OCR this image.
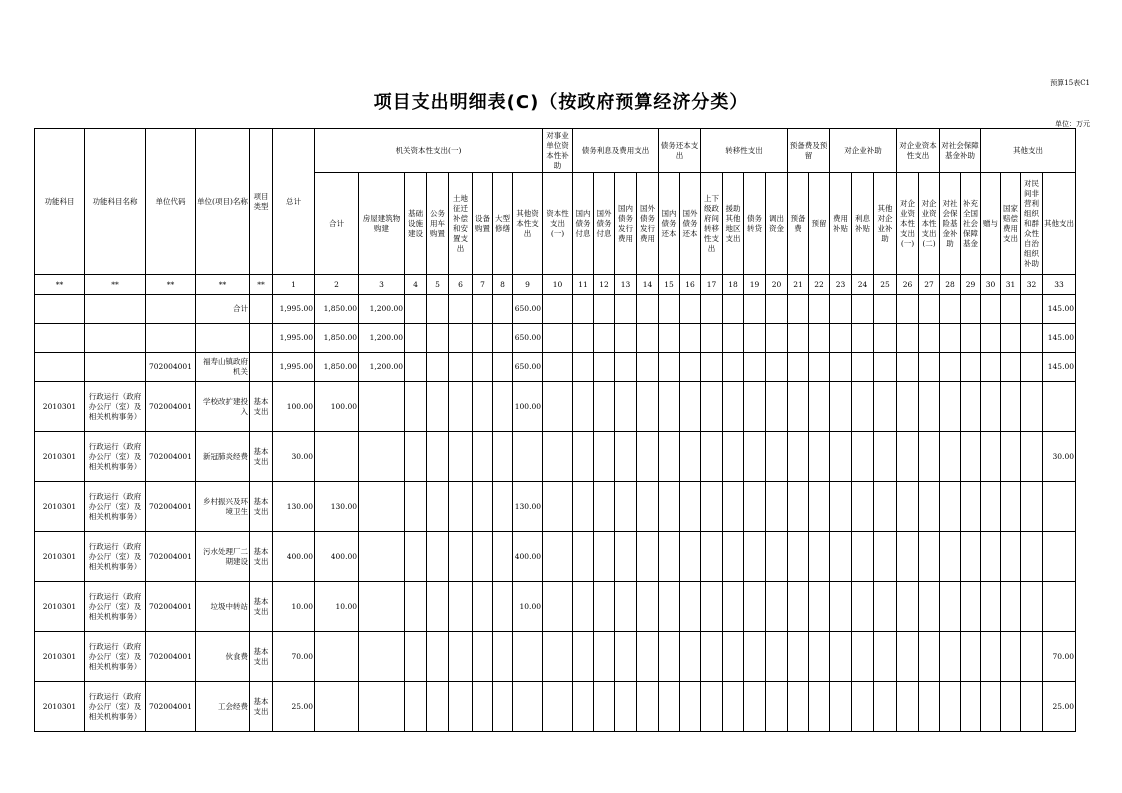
预算15表C1
项目支出明细表(C)（按政府预算经济分类）
单位：万元
功能科目	功能科目名称	单位代码	单位(项目)名称	项目类型	总计	机关资本性支出(一)								对事业单位资本性补助	债务利息及费用支出				债务还本支出		转移性支出				预备费及预留		对企业补助			对企业资本性支出		对社会保障基金补助		其他支出			
						合计	房屋建筑物购建	基础设施建设	公务用车购置	土地征迁补偿和安置支出	设备购置	大型修缮	其他资本性支出	资本性支出(一)	国内债务付息	国外债务付息	国内债务发行费用	国外债务发行费用	国内债务还本	国外债务还本	上下级政府间转移性支出	援助其他地区支出	债务转贷	调出资金	预备费	预留	费用补贴	利息补贴	其他对企业补助	对企业资本性支出(一)	对企业资本性支出(二)	对社会保险基金补助	补充全国社会保障基金	赠与	国家赔偿费用支出	对民间非营利组织和群众性自治组织补助	其他支出
**	**	**	**	**	1	2	3	4	5	6	7	8	9	10	11	12	13	14	15	16	17	18	19	20	21	22	23	24	25	26	27	28	29	30	31	32	33
			合计		1,995.00	1,850.00	1,200.00						650.00																								145.00
					1,995.00	1,850.00	1,200.00						650.00																								145.00
		702004001	福寿山镇政府机关		1,995.00	1,850.00	1,200.00						650.00																								145.00
2010301	行政运行（政府办公厅（室）及相关机构事务）	702004001	学校改扩建投入	基本支出	100.00	100.00							100.00																								
2010301	行政运行（政府办公厅（室）及相关机构事务）	702004001	新冠肺炎经费	基本支出	30.00																																30.00
2010301	行政运行（政府办公厅（室）及相关机构事务）	702004001	乡村振兴及环境卫生	基本支出	130.00	130.00							130.00																								
2010301	行政运行（政府办公厅（室）及相关机构事务）	702004001	污水处理厂二期建设	基本支出	400.00	400.00							400.00																								
2010301	行政运行（政府办公厅（室）及相关机构事务）	702004001	垃圾中转站	基本支出	10.00	10.00							10.00																								
2010301	行政运行（政府办公厅（室）及相关机构事务）	702004001	伙食费	基本支出	70.00																																70.00
2010301	行政运行（政府办公厅（室）及相关机构事务）	702004001	工会经费	基本支出	25.00																																25.00
